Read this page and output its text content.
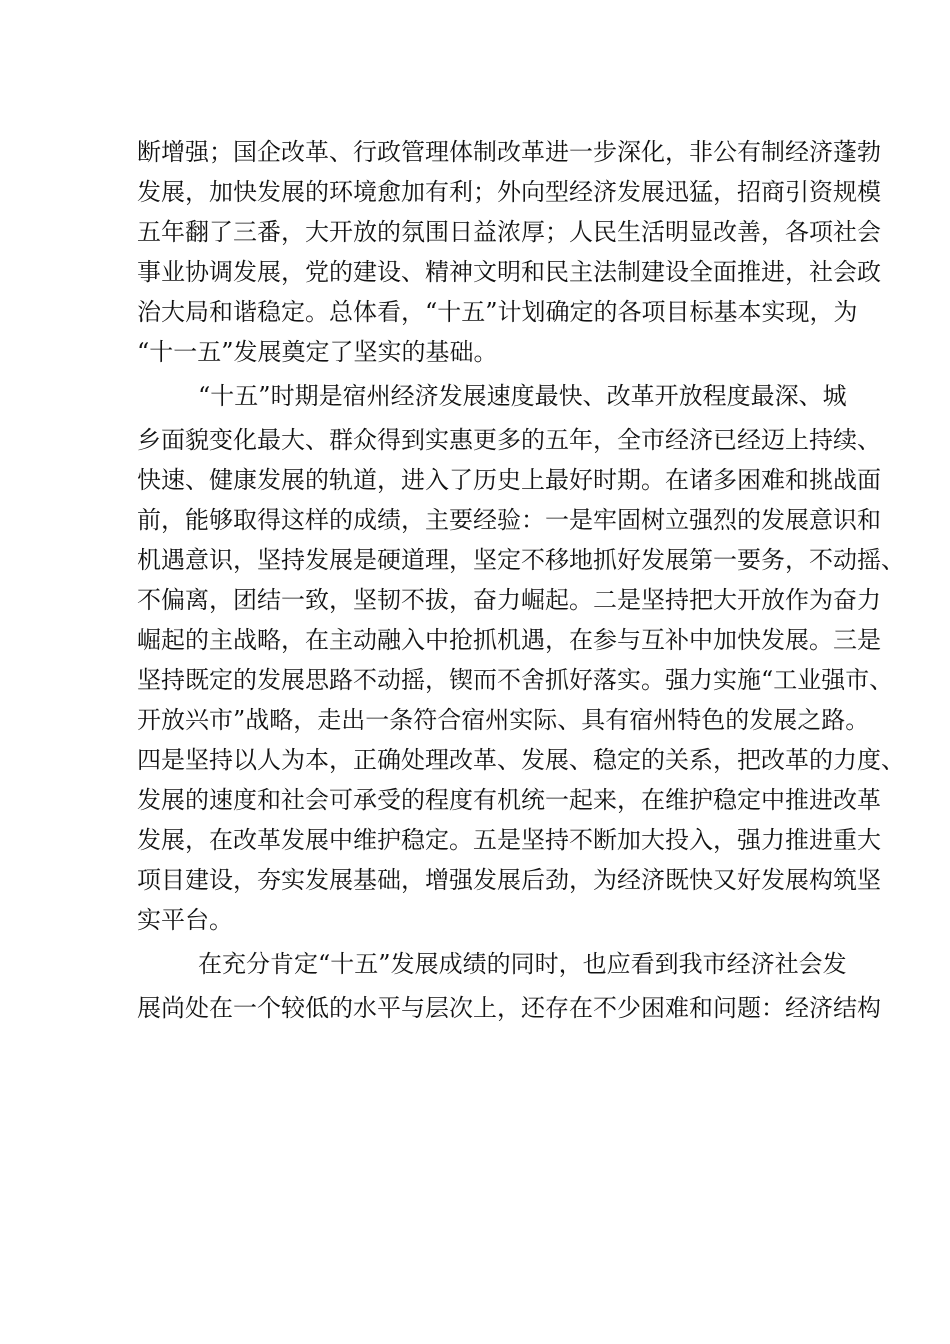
断增强；国企改革、行政管理体制改革进一步深化，非公有制经济蓬勃
发展，加快发展的环境愈加有利；外向型经济发展迅猛，招商引资规模
五年翻了三番，大开放的氛围日益浓厚；人民生活明显改善，各项社会
事业协调发展，党的建设、精神文明和民主法制建设全面推进，社会政
治大局和谐稳定。总体看，“十五”计划确定的各项目标基本实现，为
“十一五”发展奠定了坚实的基础。
“十五”时期是宿州经济发展速度最快、改革开放程度最深、城
乡面貌变化最大、群众得到实惠更多的五年，全市经济已经迈上持续、
快速、健康发展的轨道，进入了历史上最好时期。在诸多困难和挑战面
前，能够取得这样的成绩，主要经验：一是牢固树立强烈的发展意识和
机遇意识，坚持发展是硬道理，坚定不移地抓好发展第一要务，不动摇、
不偏离，团结一致，坚韧不拔，奋力崛起。二是坚持把大开放作为奋力
崛起的主战略，在主动融入中抢抓机遇，在参与互补中加快发展。三是
坚持既定的发展思路不动摇，锲而不舍抓好落实。强力实施“工业强市、
开放兴市”战略，走出一条符合宿州实际、具有宿州特色的发展之路。
四是坚持以人为本，正确处理改革、发展、稳定的关系，把改革的力度、
发展的速度和社会可承受的程度有机统一起来，在维护稳定中推进改革
发展，在改革发展中维护稳定。五是坚持不断加大投入，强力推进重大
项目建设，夯实发展基础，增强发展后劲，为经济既快又好发展构筑坚
实平台。
在充分肯定“十五”发展成绩的同时，也应看到我市经济社会发
展尚处在一个较低的水平与层次上，还存在不少困难和问题：经济结构
